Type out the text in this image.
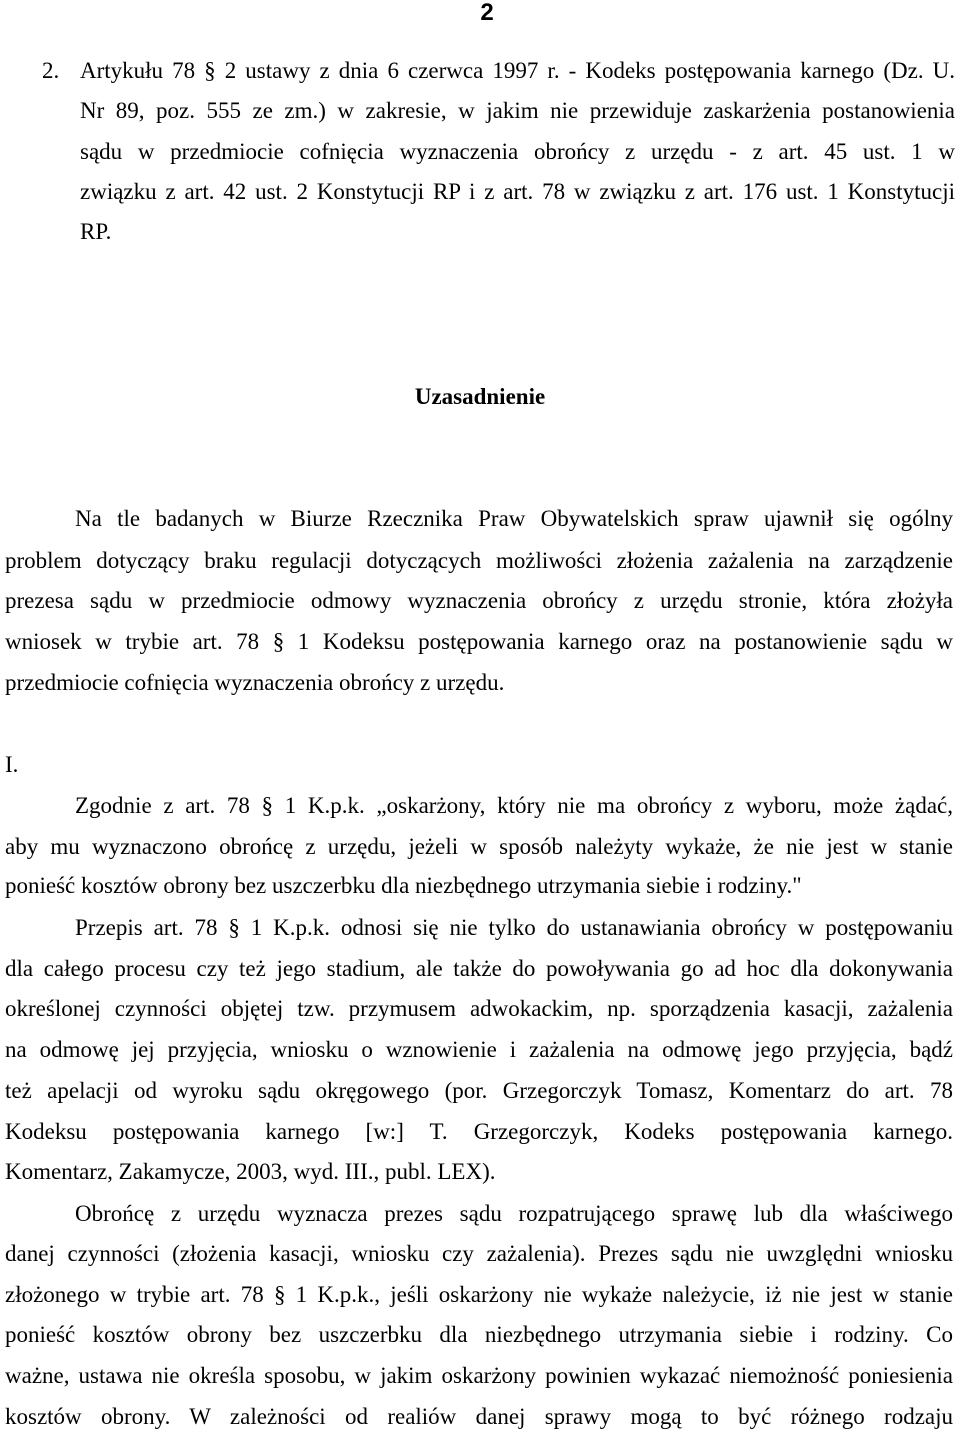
2
2. Artykułu 78 § 2 ustawy z dnia 6 czerwca 1997 r. - Kodeks postępowania karnego (Dz. U.
Nr 89, poz. 555 ze zm.) w zakresie, w jakim nie przewiduje zaskarżenia postanowienia
sądu w przedmiocie cofnięcia wyznaczenia obrońcy z urzędu - z art. 45 ust. 1 w
związku z art. 42 ust. 2 Konstytucji RP i z art. 78 w związku z art. 176 ust. 1 Konstytucji
RP.
Uzasadnienie
Na tle badanych w Biurze Rzecznika Praw Obywatelskich spraw ujawnił się ogólny
problem dotyczący braku regulacji dotyczących możliwości złożenia zażalenia na zarządzenie
prezesa sądu w przedmiocie odmowy wyznaczenia obrońcy z urzędu stronie, która złożyła
wniosek w trybie art. 78 § 1 Kodeksu postępowania karnego oraz na postanowienie sądu w
przedmiocie cofnięcia wyznaczenia obrońcy z urzędu.
I.
Zgodnie z art. 78 § 1 K.p.k. „oskarżony, który nie ma obrońcy z wyboru, może żądać,
aby mu wyznaczono obrońcę z urzędu, jeżeli w sposób należyty wykaże, że nie jest w stanie
ponieść kosztów obrony bez uszczerbku dla niezbędnego utrzymania siebie i rodziny."
Przepis art. 78 § 1 K.p.k. odnosi się nie tylko do ustanawiania obrońcy w postępowaniu
dla całego procesu czy też jego stadium, ale także do powoływania go ad hoc dla dokonywania
określonej czynności objętej tzw. przymusem adwokackim, np. sporządzenia kasacji, zażalenia
na odmowę jej przyjęcia, wniosku o wznowienie i zażalenia na odmowę jego przyjęcia, bądź
też apelacji od wyroku sądu okręgowego (por. Grzegorczyk Tomasz, Komentarz do art. 78
Kodeksu postępowania karnego [w:] T. Grzegorczyk, Kodeks postępowania karnego.
Komentarz, Zakamycze, 2003, wyd. III., publ. LEX).
Obrońcę z urzędu wyznacza prezes sądu rozpatrującego sprawę lub dla właściwego
danej czynności (złożenia kasacji, wniosku czy zażalenia). Prezes sądu nie uwzględni wniosku
złożonego w trybie art. 78 § 1 K.p.k., jeśli oskarżony nie wykaże należycie, iż nie jest w stanie
ponieść kosztów obrony bez uszczerbku dla niezbędnego utrzymania siebie i rodziny. Co
ważne, ustawa nie określa sposobu, w jakim oskarżony powinien wykazać niemożność poniesienia
kosztów obrony. W zależności od realiów danej sprawy mogą to być różnego rodzaju
